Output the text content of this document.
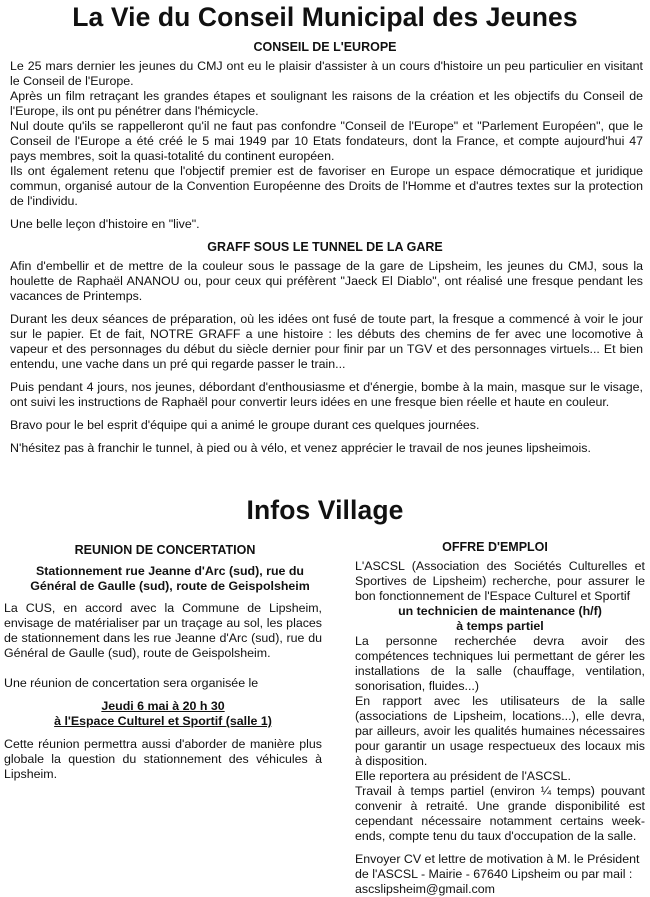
La Vie du Conseil Municipal des Jeunes
CONSEIL DE L'EUROPE

Le 25 mars dernier les jeunes du CMJ ont eu le plaisir d'assister à un cours d'histoire un peu particulier en visitant le Conseil de l'Europe.

Après un film retraçant les grandes étapes et soulignant les raisons de la création et les objectifs du Conseil de l'Europe, ils ont pu pénétrer dans l'hémicycle.

Nul doute qu'ils se rappelleront qu'il ne faut pas confondre "Conseil de l'Europe" et "Parlement Européen", que le Conseil de l'Europe a été créé le 5 mai 1949 par 10 Etats fondateurs, dont la France, et compte aujourd'hui 47 pays membres, soit la quasi-totalité du continent européen.

Ils ont également retenu que l'objectif premier est de favoriser en Europe un espace démocratique et juridique commun, organisé autour de la Convention Européenne des Droits de l'Homme et d'autres textes sur la protection de l'individu.

Une belle leçon d'histoire en "live".

GRAFF SOUS LE TUNNEL DE LA GARE

Afin d'embellir et de mettre de la couleur sous le passage de la gare de Lipsheim, les jeunes du CMJ, sous la houlette de Raphaël ANANOU ou, pour ceux qui préfèrent "Jaeck El Diablo", ont réalisé une fresque pendant les vacances de Printemps.

Durant les deux séances de préparation, où les idées ont fusé de toute part, la fresque a commencé à voir le jour sur le papier. Et de fait, NOTRE GRAFF a une histoire : les débuts des chemins de fer avec une locomotive à vapeur et des personnages du début du siècle dernier pour finir par un TGV et des personnages virtuels... Et bien entendu, une vache dans un pré qui regarde passer le train...

Puis pendant 4 jours, nos jeunes, débordant d'enthousiasme et d'énergie, bombe à la main, masque sur le visage, ont suivi les instructions de Raphaël pour convertir leurs idées en une fresque bien réelle et haute en couleur.

Bravo pour le bel esprit d'équipe qui a animé le groupe durant ces quelques journées.

N'hésitez pas à franchir le tunnel, à pied ou à vélo, et venez apprécier le travail de nos jeunes lipsheimois.

Infos Village
REUNION DE CONCERTATION
Stationnement rue Jeanne d'Arc (sud), rue du Général de Gaulle (sud), route de Geispolsheim

La CUS, en accord avec la Commune de Lipsheim, envisage de matérialiser par un traçage au sol, les places de stationnement dans les rue Jeanne d'Arc (sud), rue du Général de Gaulle (sud), route de Geispolsheim.

Une réunion de concertation sera organisée le

Jeudi 6 mai à 20 h 30

à l'Espace Culturel et Sportif (salle 1)

Cette réunion permettra aussi d'aborder de manière plus globale la question du stationnement des véhicules à Lipsheim.

OFFRE D'EMPLOI

L'ASCSL (Association des Sociétés Culturelles et Sportives de Lipsheim) recherche, pour assurer le bon fonctionnement de l'Espace Culturel et Sportif

un technicien de maintenance (h/f)

à temps partiel

La personne recherchée devra avoir des compétences techniques lui permettant de gérer les installations de la salle (chauffage, ventilation, sonorisation, fluides...)

En rapport avec les utilisateurs de la salle (associations de Lipsheim, locations...), elle devra, par ailleurs, avoir les qualités humaines nécessaires pour garantir un usage respectueux des locaux mis à disposition.

Elle reportera au président de l'ASCSL.

Travail à temps partiel (environ ¼ temps) pouvant convenir à retraité. Une grande disponibilité est cependant nécessaire notamment certains week-ends, compte tenu du taux d'occupation de la salle.

Envoyer CV et lettre de motivation à M. le Président de l'ASCSL - Mairie - 67640 Lipsheim ou par mail :

ascslipsheim@gmail.com
